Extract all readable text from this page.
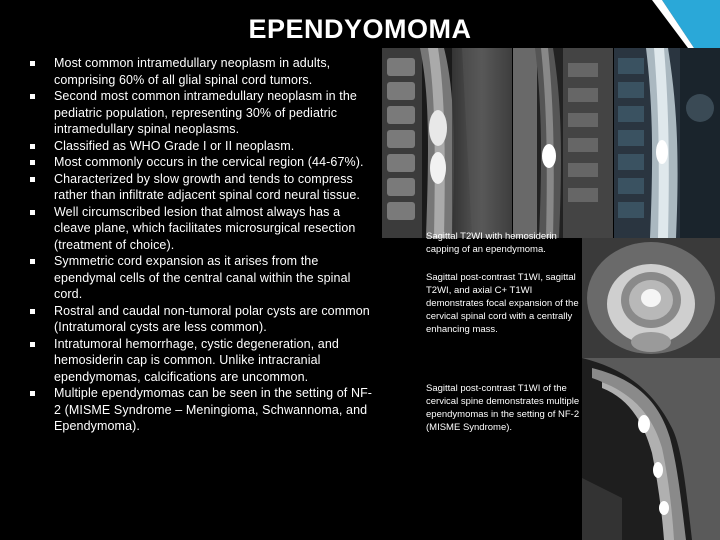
EPENDYOMOMA
Most common intramedullary neoplasm in adults, comprising 60% of all glial spinal cord tumors.
Second most common intramedullary neoplasm in the pediatric population, representing 30% of pediatric intramedullary spinal neoplasms.
Classified as WHO Grade I or II neoplasm.
Most commonly occurs in the cervical region (44-67%).
Characterized by slow growth and tends to compress rather than infiltrate adjacent spinal cord neural tissue.
Well circumscribed lesion that almost always has a cleave plane, which facilitates microsurgical resection (treatment of choice).
Symmetric cord expansion as it arises from the ependymal cells of the central canal within the spinal cord.
Rostral and caudal non-tumoral polar cysts are common (Intratumoral cysts are less common).
Intratumoral hemorrhage, cystic degeneration, and hemosiderin cap is common. Unlike intracranial ependymomas, calcifications are uncommon.
Multiple ependymomas can be seen in the setting of NF-2 (MISME Syndrome – Meningioma, Schwannoma, and Ependymoma).
Sagittal T2WI with hemosiderin capping of an ependymoma.
Sagittal post-contrast T1WI, sagittal T2WI, and axial C+ T1WI demonstrates focal expansion of the cervical spinal cord with a centrally enhancing mass.
Sagittal post-contrast T1WI of the cervical spine demonstrates multiple ependymomas in the setting of NF-2 (MISME Syndrome).
